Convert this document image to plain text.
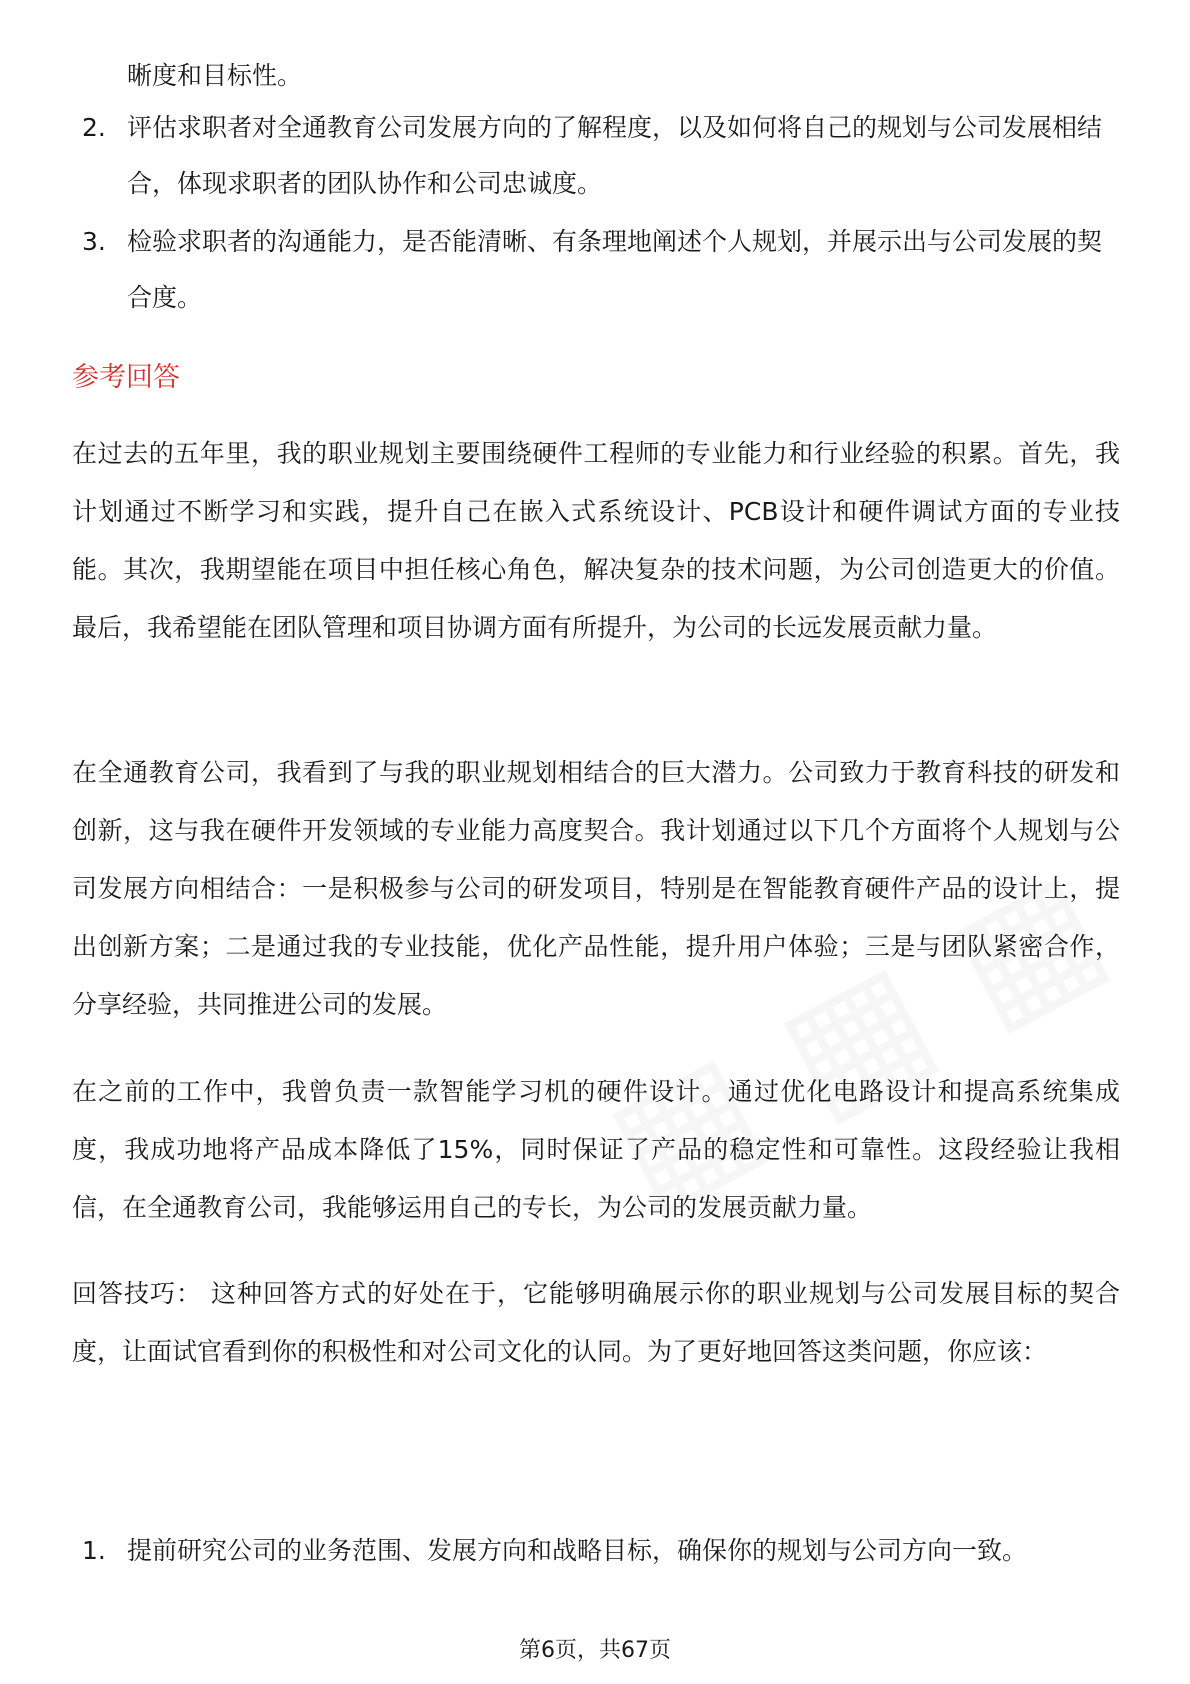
晰度和目标性。
2. 评估求职者对全通教育公司发展方向的了解程度，以及如何将自己的规划与公司发展相结合，体现求职者的团队协作和公司忠诚度。
3. 检验求职者的沟通能力，是否能清晰、有条理地阐述个人规划，并展示出与公司发展的契合度。
参考回答

在过去的五年里，我的职业规划主要围绕硬件工程师的专业能力和行业经验的积累。首先，我计划通过不断学习和实践，提升自己在嵌入式系统设计、PCB设计和硬件调试方面的专业技能。其次，我期望能在项目中担任核心角色，解决复杂的技术问题，为公司创造更大的价值。最后，我希望能在团队管理和项目协调方面有所提升，为公司的长远发展贡献力量。

在全通教育公司，我看到了与我的职业规划相结合的巨大潜力。公司致力于教育科技的研发和创新，这与我在硬件开发领域的专业能力高度契合。我计划通过以下几个方面将个人规划与公司发展方向相结合：一是积极参与公司的研发项目，特别是在智能教育硬件产品的设计上，提出创新方案；二是通过我的专业技能，优化产品性能，提升用户体验；三是与团队紧密合作，分享经验，共同推进公司的发展。

在之前的工作中，我曾负责一款智能学习机的硬件设计。通过优化电路设计和提高系统集成度，我成功地将产品成本降低了15%，同时保证了产品的稳定性和可靠性。这段经验让我相信，在全通教育公司，我能够运用自己的专长，为公司的发展贡献力量。

回答技巧： 这种回答方式的好处在于，它能够明确展示你的职业规划与公司发展目标的契合度，让面试官看到你的积极性和对公司文化的认同。为了更好地回答这类问题，你应该：

1. 提前研究公司的业务范围、发展方向和战略目标，确保你的规划与公司方向一致。
第6页，共67页
